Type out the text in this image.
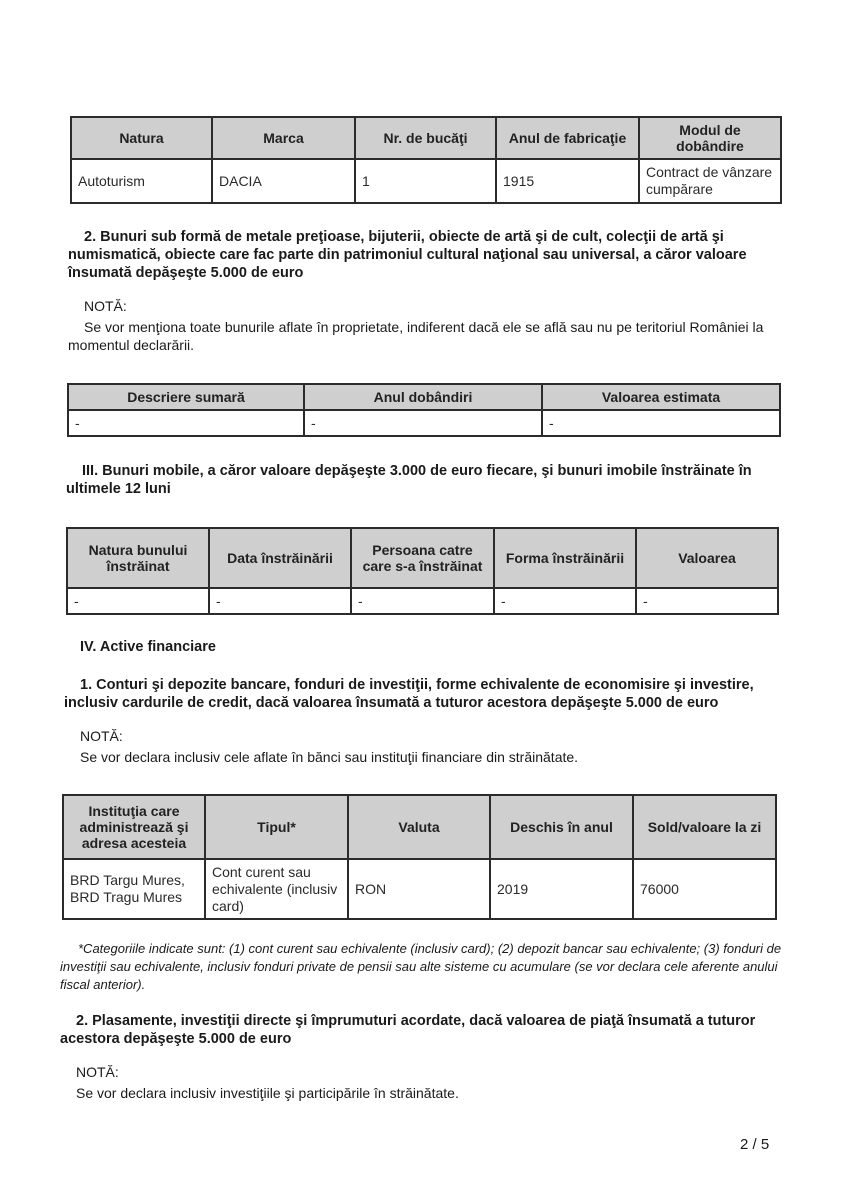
Natura	Marca	Nr. de bucăţi	Anul de fabricaţie	Modul de dobândire
Autoturism	DACIA	1	1915	Contract de vânzare cumpărare
2. Bunuri sub formă de metale preţioase, bijuterii, obiecte de artă şi de cult, colecţii de artă şi numismatică, obiecte care fac parte din patrimoniul cultural naţional sau universal, a căror valoare însumată depăşeşte 5.000 de euro
NOTĂ:
Se vor menţiona toate bunurile aflate în proprietate, indiferent dacă ele se află sau nu pe teritoriul României la momentul declarării.
Descriere sumară	Anul dobândiri	Valoarea estimata
-	-	-
III. Bunuri mobile, a căror valoare depăşeşte 3.000 de euro fiecare, şi bunuri imobile înstrăinate în ultimele 12 luni
Natura bunului înstrăinat	Data înstrăinării	Persoana catre care s-a înstrăinat	Forma înstrăinării	Valoarea
-	-	-	-	-
IV. Active financiare
1. Conturi şi depozite bancare, fonduri de investiţii, forme echivalente de economisire şi investire, inclusiv cardurile de credit, dacă valoarea însumată a tuturor acestora depăşeşte 5.000 de euro
NOTĂ:
Se vor declara inclusiv cele aflate în bănci sau instituţii financiare din străinătate.
Instituţia care administrează şi adresa acesteia	Tipul*	Valuta	Deschis în anul	Sold/valoare la zi
BRD Targu Mures, BRD Tragu Mures	Cont curent sau echivalente (inclusiv card)	RON	2019	76000
*Categoriile indicate sunt: (1) cont curent sau echivalente (inclusiv card); (2) depozit bancar sau echivalente; (3) fonduri de investiţii sau echivalente, inclusiv fonduri private de pensii sau alte sisteme cu acumulare (se vor declara cele aferente anului fiscal anterior).
2. Plasamente, investiţii directe şi împrumuturi acordate, dacă valoarea de piaţă însumată a tuturor acestora depăşeşte 5.000 de euro
NOTĂ:
Se vor declara inclusiv investiţiile şi participările în străinătate.
2 / 5
